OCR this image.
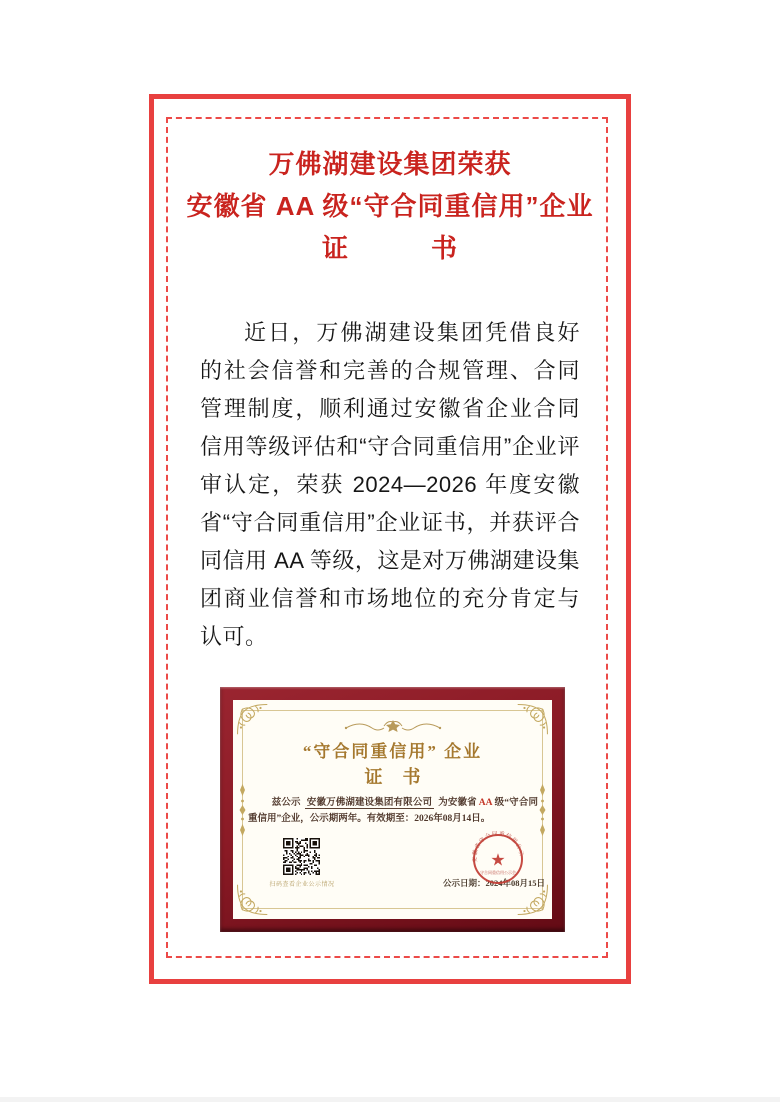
万佛湖建设集团荣获
安徽省 AA 级“守合同重信用”企业
证	书

近日，万佛湖建设集团凭借良好的社会信誉和完善的合规管理、合同管理制度，顺利通过安徽省企业合同信用等级评估和“守合同重信用”企业评审认定，荣获 2024—2026 年度安徽省“守合同重信用”企业证书，并获评合同信用 AA 等级，这是对万佛湖建设集团商业信誉和市场地位的充分肯定与认可。

“守合同重信用” 企业
证 书

兹公示 安徽万佛湖建设集团有限公司 为安徽省 AA 级“守合同重信用”企业，公示期两年。有效期至：2026年08月14日。

扫码查看企业公示情况	公示日期：2024年08月15日
安徽省守合同重信用公示
★
守合同重信用公示会
